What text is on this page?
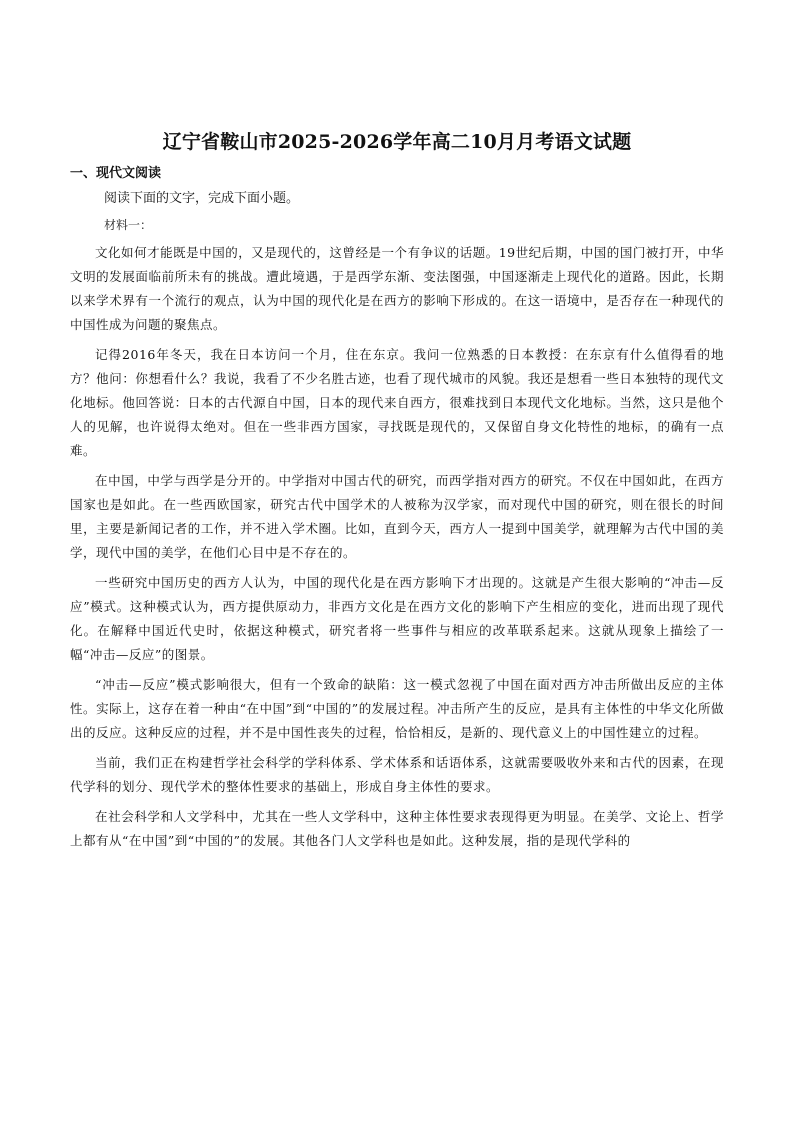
辽宁省鞍山市2025-2026学年高二10月月考语文试题
一、现代文阅读
阅读下面的文字，完成下面小题。
材料一：

文化如何才能既是中国的，又是现代的，这曾经是一个有争议的话题。19世纪后期，中国的国门被打开，中华文明的发展面临前所未有的挑战。遭此境遇，于是西学东渐、变法图强，中国逐渐走上现代化的道路。因此，长期以来学术界有一个流行的观点，认为中国的现代化是在西方的影响下形成的。在这一语境中，是否存在一种现代的中国性成为问题的聚焦点。

记得2016年冬天，我在日本访问一个月，住在东京。我问一位熟悉的日本教授：在东京有什么值得看的地方？他问：你想看什么？我说，我看了不少名胜古迹，也看了现代城市的风貌。我还是想看一些日本独特的现代文化地标。他回答说：日本的古代源自中国，日本的现代来自西方，很难找到日本现代文化地标。当然，这只是他个人的见解，也许说得太绝对。但在一些非西方国家，寻找既是现代的，又保留自身文化特性的地标，的确有一点难。

在中国，中学与西学是分开的。中学指对中国古代的研究，而西学指对西方的研究。不仅在中国如此，在西方国家也是如此。在一些西欧国家，研究古代中国学术的人被称为汉学家，而对现代中国的研究，则在很长的时间里，主要是新闻记者的工作，并不进入学术圈。比如，直到今天，西方人一提到中国美学，就理解为古代中国的美学，现代中国的美学，在他们心目中是不存在的。

一些研究中国历史的西方人认为，中国的现代化是在西方影响下才出现的。这就是产生很大影响的“冲击—反应”模式。这种模式认为，西方提供原动力，非西方文化是在西方文化的影响下产生相应的变化，进而出现了现代化。在解释中国近代史时，依据这种模式，研究者将一些事件与相应的改革联系起来。这就从现象上描绘了一幅“冲击—反应”的图景。

“冲击—反应”模式影响很大，但有一个致命的缺陷：这一模式忽视了中国在面对西方冲击所做出反应的主体性。实际上，这存在着一种由“在中国”到“中国的”的发展过程。冲击所产生的反应，是具有主体性的中华文化所做出的反应。这种反应的过程，并不是中国性丧失的过程，恰恰相反，是新的、现代意义上的中国性建立的过程。

当前，我们正在构建哲学社会科学的学科体系、学术体系和话语体系，这就需要吸收外来和古代的因素，在现代学科的划分、现代学术的整体性要求的基础上，形成自身主体性的要求。

在社会科学和人文学科中，尤其在一些人文学科中，这种主体性要求表现得更为明显。在美学、文论上、哲学上都有从“在中国”到“中国的”的发展。其他各门人文学科也是如此。这种发展，指的是现代学科的
